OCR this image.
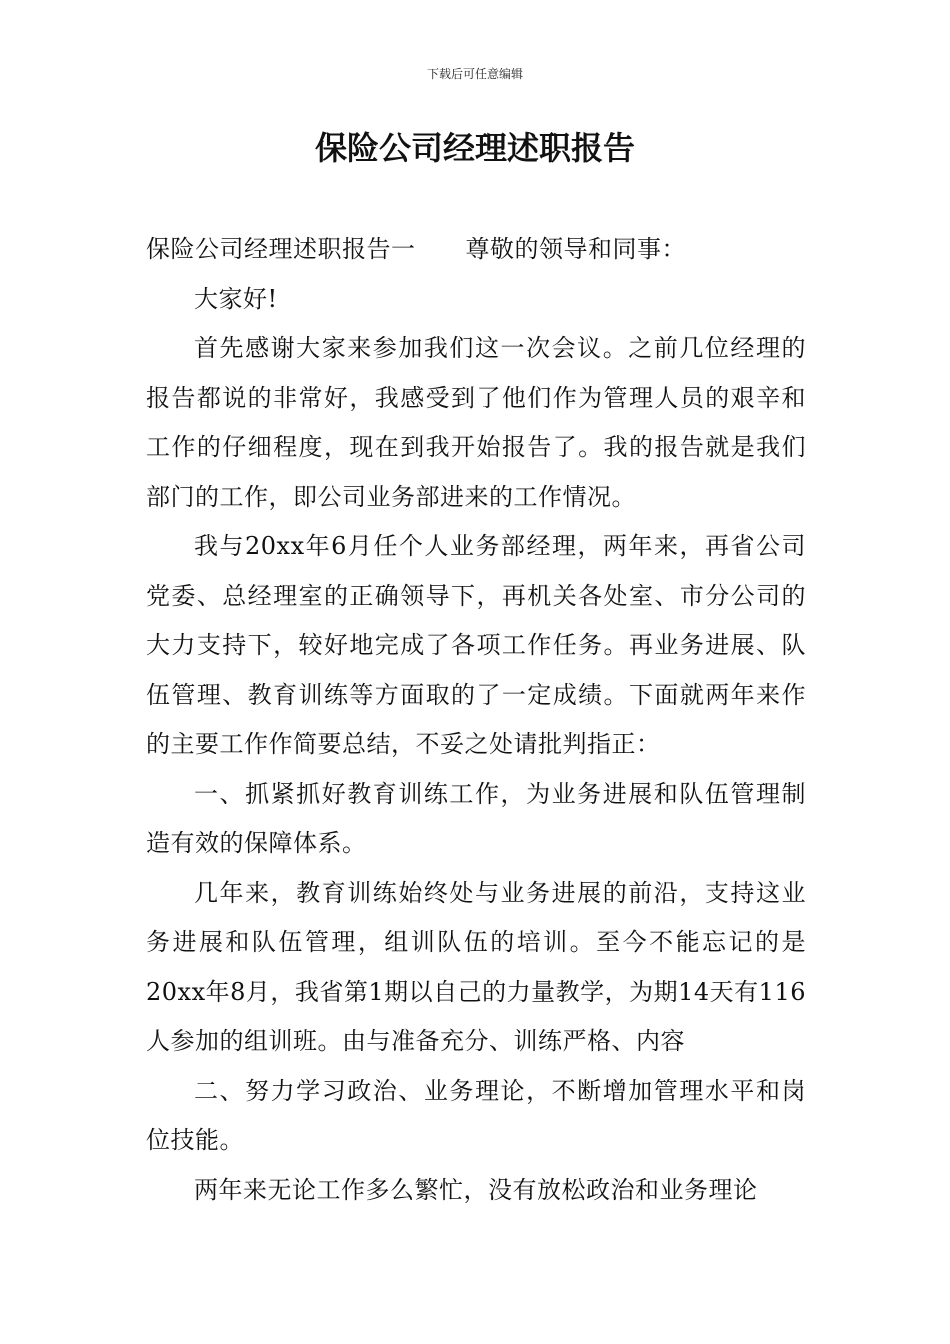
下载后可任意编辑
保险公司经理述职报告

保险公司经理述职报告一 尊敬的领导和同事：

大家好!

首先感谢大家来参加我们这一次会议。之前几位经理的报告都说的非常好，我感受到了他们作为管理人员的艰辛和工作的仔细程度，现在到我开始报告了。我的报告就是我们部门的工作，即公司业务部进来的工作情况。

我与20xx年6月任个人业务部经理，两年来，再省公司党委、总经理室的正确领导下，再机关各处室、市分公司的大力支持下，较好地完成了各项工作任务。再业务进展、队伍管理、教育训练等方面取的了一定成绩。下面就两年来作的主要工作作简要总结，不妥之处请批判指正：

一、抓紧抓好教育训练工作，为业务进展和队伍管理制造有效的保障体系。

几年来，教育训练始终处与业务进展的前沿，支持这业务进展和队伍管理，组训队伍的培训。至今不能忘记的是20xx年8月，我省第1期以自己的力量教学，为期14天有116人参加的组训班。由与准备充分、训练严格、内容

二、努力学习政治、业务理论，不断增加管理水平和岗位技能。

两年来无论工作多么繁忙，没有放松政治和业务理论
